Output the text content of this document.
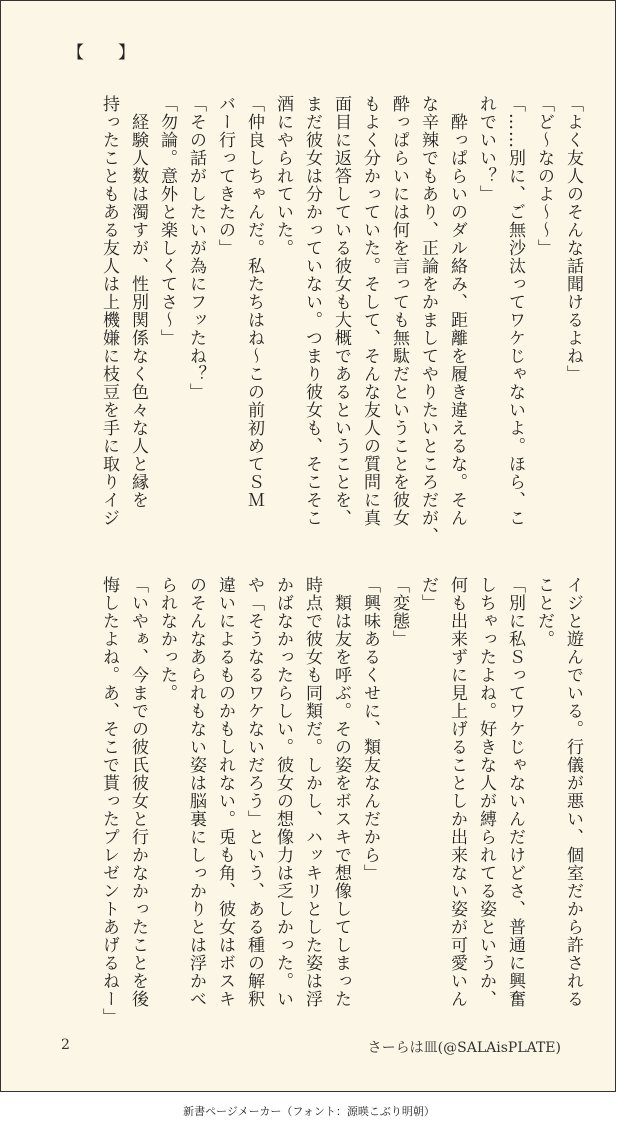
【　　】
「よく友人のそんな話聞けるよね」
「ど〜なのよ〜〜」
「……別に、ご無沙汰ってワケじゃないよ。ほら、こ
れでいい？」
　酔っぱらいのダル絡み、距離を履き違えるな。そん
な辛辣でもあり、正論をかましてやりたいところだが、
酔っぱらいには何を言っても無駄だということを彼女
もよく分かっていた。そして、そんな友人の質問に真
面目に返答している彼女も大概であるということを、
まだ彼女は分かっていない。つまり彼女も、そこそこ
酒にやられていた。
「仲良しちゃんだ。私たちはね〜この前初めてＳＭ
バー行ってきたの」
「その話がしたいが為にフッたね？」
「勿論。意外と楽しくてさ〜」
　経験人数は濁すが、性別関係なく色々な人と縁を
持ったこともある友人は上機嫌に枝豆を手に取りイジ
イジと遊んでいる。行儀が悪い、個室だから許される
ことだ。
「別に私Ｓってワケじゃないんだけどさ、普通に興奮
しちゃったよね。好きな人が縛られてる姿というか、
何も出来ずに見上げることしか出来ない姿が可愛いん
だ」
「変態」
「興味あるくせに、類友なんだから」
　類は友を呼ぶ。その姿をボスキで想像してしまった
時点で彼女も同類だ。しかし、ハッキリとした姿は浮
かばなかったらしい。彼女の想像力は乏しかった。い
や「そうなるワケないだろう」という、ある種の解釈
違いによるものかもしれない。兎も角、彼女はボスキ
のそんなあられもない姿は脳裏にしっかりとは浮かべ
られなかった。
「いやぁ、今までの彼氏彼女と行かなかったことを後
悔したよね。あ、そこで貰ったプレゼントあげるねー」
2	さーらは皿(@SALAisPLATE)
新書ページメーカー（フォント：源暎こぶり明朝）
